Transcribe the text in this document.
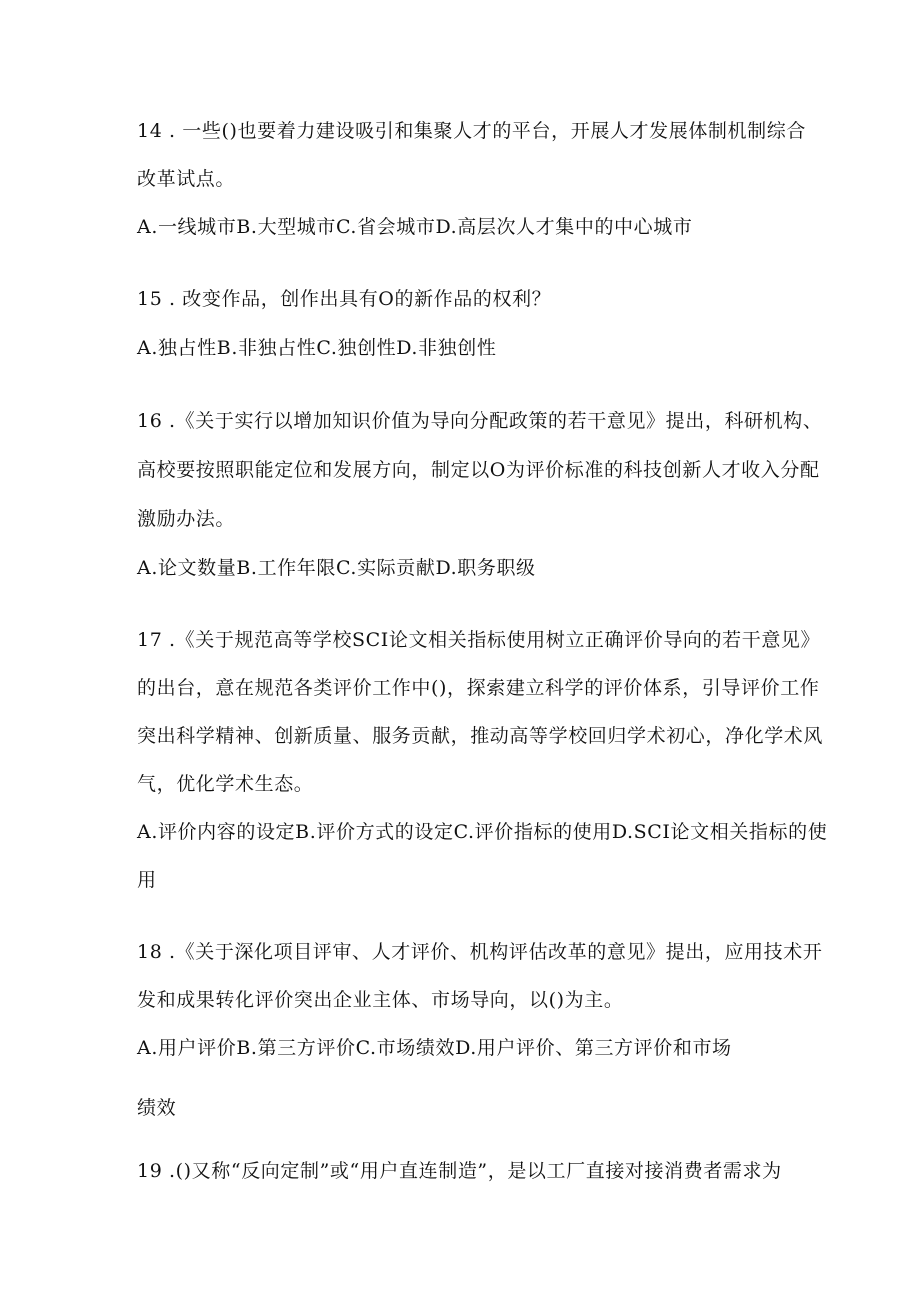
14 . 一些()也要着力建设吸引和集聚人才的平台，开展人才发展体制机制综合
改革试点。
A.一线城市B.大型城市C.省会城市D.高层次人才集中的中心城市
15 . 改变作品，创作出具有O的新作品的权利？
A.独占性B.非独占性C.独创性D.非独创性
16 .《关于实行以增加知识价值为导向分配政策的若干意见》提出，科研机构、
高校要按照职能定位和发展方向，制定以O为评价标准的科技创新人才收入分配
激励办法。
A.论文数量B.工作年限C.实际贡献D.职务职级
17 .《关于规范高等学校SCI论文相关指标使用树立正确评价导向的若干意见》
的出台，意在规范各类评价工作中()，探索建立科学的评价体系，引导评价工作
突出科学精神、创新质量、服务贡献，推动高等学校回归学术初心，净化学术风
气，优化学术生态。
A.评价内容的设定B.评价方式的设定C.评价指标的使用D.SCI论文相关指标的使
用
18 .《关于深化项目评审、人才评价、机构评估改革的意见》提出，应用技术开
发和成果转化评价突出企业主体、市场导向，以()为主。
A.用户评价B.第三方评价C.市场绩效D.用户评价、第三方评价和市场
绩效
19 .()又称“反向定制”或“用户直连制造”，是以工厂直接对接消费者需求为
